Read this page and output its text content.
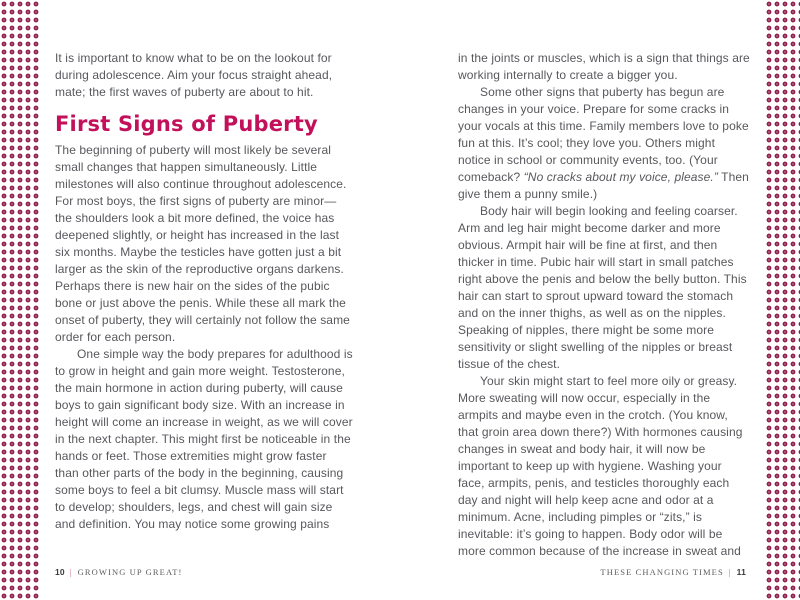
It is important to know what to be on the lookout for during adolescence. Aim your focus straight ahead, mate; the first waves of puberty are about to hit.

First Signs of Puberty

The beginning of puberty will most likely be several small changes that happen simultaneously. Little milestones will also continue throughout adolescence. For most boys, the first signs of puberty are minor—the shoulders look a bit more defined, the voice has deepened slightly, or height has increased in the last six months. Maybe the testicles have gotten just a bit larger as the skin of the reproductive organs darkens. Perhaps there is new hair on the sides of the pubic bone or just above the penis. While these all mark the onset of puberty, they will certainly not follow the same order for each person.

One simple way the body prepares for adulthood is to grow in height and gain more weight. Testosterone, the main hormone in action during puberty, will cause boys to gain significant body size. With an increase in height will come an increase in weight, as we will cover in the next chapter. This might first be noticeable in the hands or feet. Those extremities might grow faster than other parts of the body in the beginning, causing some boys to feel a bit clumsy. Muscle mass will start to develop; shoulders, legs, and chest will gain size and definition. You may notice some growing pains

in the joints or muscles, which is a sign that things are working internally to create a bigger you.

Some other signs that puberty has begun are changes in your voice. Prepare for some cracks in your vocals at this time. Family members love to poke fun at this. It’s cool; they love you. Others might notice in school or community events, too. (Your comeback? “No cracks about my voice, please.” Then give them a punny smile.)

Body hair will begin looking and feeling coarser. Arm and leg hair might become darker and more obvious. Armpit hair will be fine at first, and then thicker in time. Pubic hair will start in small patches right above the penis and below the belly button. This hair can start to sprout upward toward the stomach and on the inner thighs, as well as on the nipples. Speaking of nipples, there might be some more sensitivity or slight swelling of the nipples or breast tissue of the chest.

Your skin might start to feel more oily or greasy. More sweating will now occur, especially in the armpits and maybe even in the crotch. (You know, that groin area down there?) With hormones causing changes in sweat and body hair, it will now be important to keep up with hygiene. Washing your face, armpits, penis, and testicles thoroughly each day and night will help keep acne and odor at a minimum. Acne, including pimples or “zits,” is inevitable: it’s going to happen. Body odor will be more common because of the increase in sweat and

10 | GROWING UP GREAT!	THESE CHANGING TIMES | 11
